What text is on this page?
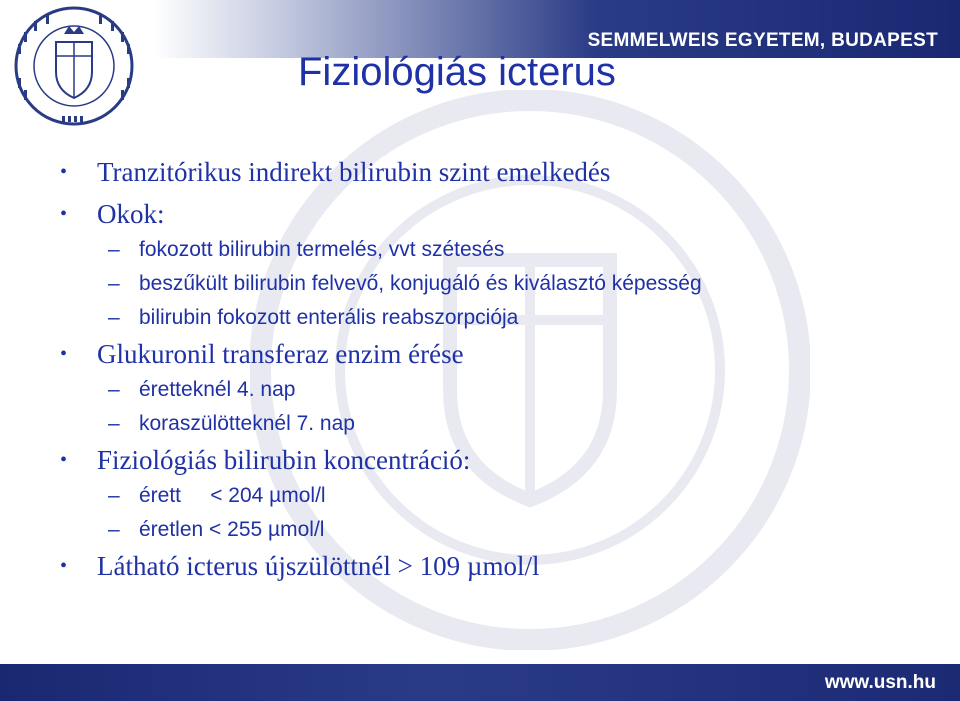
SEMMELWEIS EGYETEM, BUDAPEST
Fiziológiás icterus
• Tranzitórikus indirekt bilirubin szint emelkedés
• Okok:
– fokozott bilirubin termelés, vvt szétesés
– beszűkült bilirubin felvevő, konjugáló és kiválasztó képesség
– bilirubin fokozott enterális reabszorpciója
• Glukuronil transferaz enzim érése
– éretteknél 4. nap
– koraszülötteknél 7. nap
• Fiziológiás bilirubin koncentráció:
– érett     < 204 µmol/l
– éretlen < 255 µmol/l
• Látható icterus újszülöttnél > 109 µmol/l
www.usn.hu
